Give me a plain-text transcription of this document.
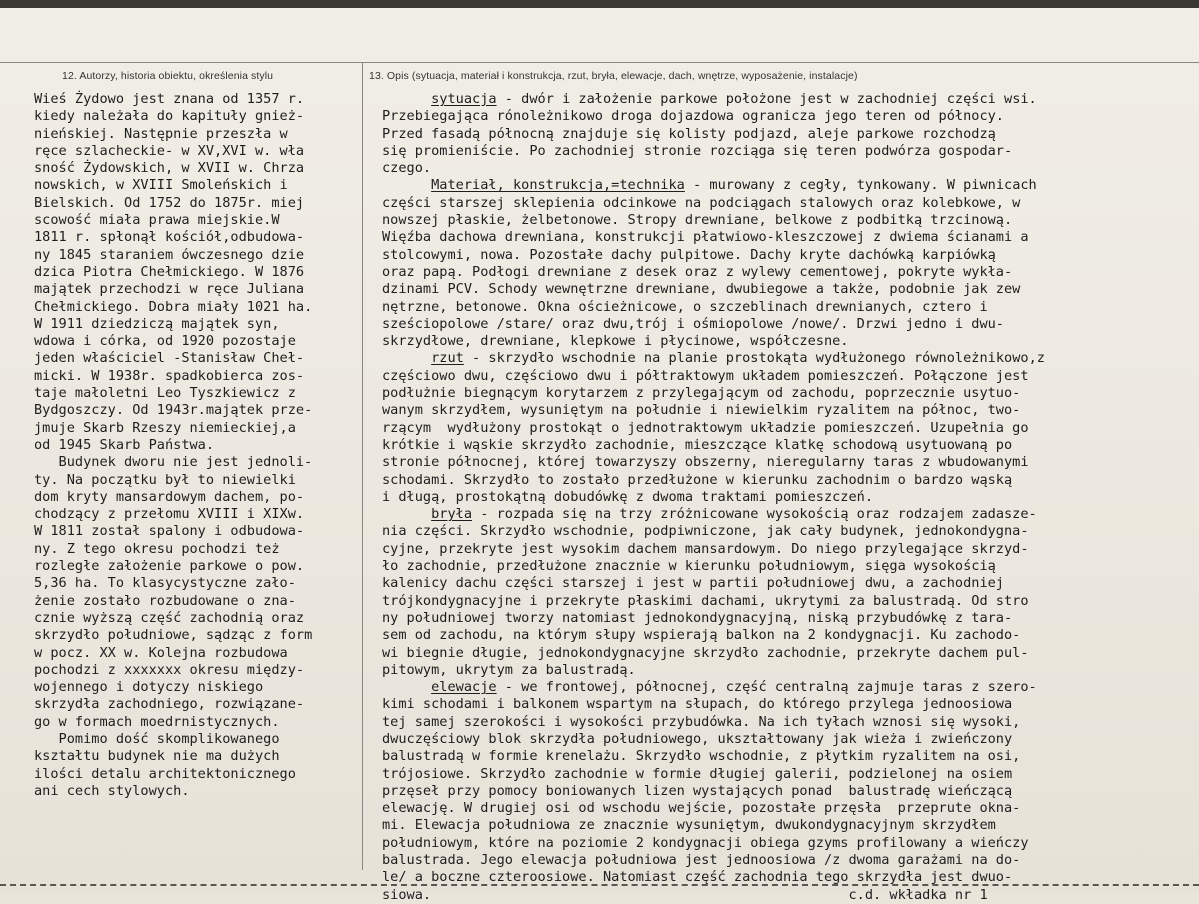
12. Autorzy, historia obiektu, określenia stylu	13. Opis (sytuacja, materiał i konstrukcja, rzut, bryła, elewacje, dach, wnętrze, wyposażenie, instalacje)
Wieś Żydowo jest znana od 1357 r.
kiedy należała do kapituły gnież-
nieńskiej. Następnie przeszła w
ręce szlacheckie- w XV,XVI w. wła
sność Żydowskich, w XVII w. Chrza
nowskich, w XVIII Smoleńskich i
Bielskich. Od 1752 do 1875r. miej
scowość miała prawa miejskie.W
1811 r. spłonął kościół,odbudowa-
ny 1845 staraniem ówczesnego dzie
dzica Piotra Chełmickiego. W 1876
majątek przechodzi w ręce Juliana
Chełmickiego. Dobra miały 1021 ha.
W 1911 dziedziczą majątek syn,
wdowa i córka, od 1920 pozostaje
jeden właściciel -Stanisław Cheł-
micki. W 1938r. spadkobierca zos-
taje małoletni Leo Tyszkiewicz z
Bydgoszczy. Od 1943r.majątek prze-
jmuje Skarb Rzeszy niemieckiej,a
od 1945 Skarb Państwa.
Budynek dworu nie jest jednoli-
ty. Na początku był to niewielki
dom kryty mansardowym dachem, po-
chodzący z przełomu XVIII i XIXw.
W 1811 został spalony i odbudowa-
ny. Z tego okresu pochodzi też
rozległe założenie parkowe o pow.
5,36 ha. To klasycystyczne zało-
żenie zostało rozbudowane o zna-
cznie wyższą część zachodnią oraz
skrzydło południowe, sądząc z form
w pocz. XX w. Kolejna rozbudowa
pochodzi z xxxxxxx okresu między-
wojennego i dotyczy niskiego
skrzydła zachodniego, rozwiązane-
go w formach moedrnistycznych.
Pomimo dość skomplikowanego
kształtu budynek nie ma dużych
ilości detalu architektonicznego
ani cech stylowych.
sytuacja - dwór i założenie parkowe położone jest w zachodniej części wsi.
Przebiegająca rónoleżnikowo droga dojazdowa ogranicza jego teren od północy.
Przed fasadą północną znajduje się kolisty podjazd, aleje parkowe rozchodzą
się promieniście. Po zachodniej stronie rozciąga się teren podwórza gospodar-
czego.
Materiał, konstrukcja,=technika - murowany z cegły, tynkowany. W piwnicach
części starszej sklepienia odcinkowe na podciągach stalowych oraz kolebkowe, w
nowszej płaskie, żelbetonowe. Stropy drewniane, belkowe z podbitką trzcinową.
Więźba dachowa drewniana, konstrukcji płatwiowo-kleszczowej z dwiema ścianami a
stolcowymi, nowa. Pozostałe dachy pulpitowe. Dachy kryte dachówką karpiówką
oraz papą. Podłogi drewniane z desek oraz z wylewy cementowej, pokryte wykła-
dzinami PCV. Schody wewnętrzne drewniane, dwubiegowe a także, podobnie jak zew
nętrzne, betonowe. Okna ościeżnicowe, o szczeblinach drewnianych, cztero i
sześciopolowe /stare/ oraz dwu,trój i ośmiopolowe /nowe/. Drzwi jedno i dwu-
skrzydłowe, drewniane, klepkowe i płycinowe, współczesne.
rzut - skrzydło wschodnie na planie prostokąta wydłużonego równoleżnikowo,z
częściowo dwu, częściowo dwu i półtraktowym układem pomieszczeń. Połączone jest
podłużnie biegnącym korytarzem z przylegającym od zachodu, poprzecznie usytuo-
wanym skrzydłem, wysuniętym na południe i niewielkim ryzalitem na północ, two-
rzącym  wydłużony prostokąt o jednotraktowym układzie pomieszczeń. Uzupełnia go
krótkie i wąskie skrzydło zachodnie, mieszczące klatkę schodową usytuowaną po
stronie północnej, której towarzyszy obszerny, nieregularny taras z wbudowanymi
schodami. Skrzydło to zostało przedłużone w kierunku zachodnim o bardzo wąską
i długą, prostokątną dobudówkę z dwoma traktami pomieszczeń.
bryła - rozpada się na trzy zróżnicowane wysokością oraz rodzajem zadasze-
nia części. Skrzydło wschodnie, podpiwniczone, jak cały budynek, jednokondygna-
cyjne, przekryte jest wysokim dachem mansardowym. Do niego przylegające skrzyd-
ło zachodnie, przedłużone znacznie w kierunku południowym, sięga wysokością
kalenicy dachu części starszej i jest w partii południowej dwu, a zachodniej
trójkondygnacyjne i przekryte płaskimi dachami, ukrytymi za balustradą. Od stro
ny południowej tworzy natomiast jednokondygnacyjną, niską przybudówkę z tara-
sem od zachodu, na którym słupy wspierają balkon na 2 kondygnacji. Ku zachodo-
wi biegnie długie, jednokondygnacyjne skrzydło zachodnie, przekryte dachem pul-
pitowym, ukrytym za balustradą.
elewacje - we frontowej, północnej, część centralną zajmuje taras z szero-
kimi schodami i balkonem wspartym na słupach, do którego przylega jednoosiowa
tej samej szerokości i wysokości przybudówka. Na ich tyłach wznosi się wysoki,
dwuczęściowy blok skrzydła południowego, ukształtowany jak wieża i zwieńczony
balustradą w formie krenelażu. Skrzydło wschodnie, z płytkim ryzalitem na osi,
trójosiowe. Skrzydło zachodnie w formie długiej galerii, podzielonej na osiem
przęseł przy pomocy boniowanych lizen wystających ponad  balustradę wieńczącą
elewację. W drugiej osi od wschodu wejście, pozostałe przęsła  przeprute okna-
mi. Elewacja południowa ze znacznie wysuniętym, dwukondygnacyjnym skrzydłem
południowym, które na poziomie 2 kondygnacji obiega gzyms profilowany a wieńczy
balustrada. Jego elewacja południowa jest jednoosiowa /z dwoma garażami na do-
le/ a boczne czteroosiowe. Natomiast część zachodnia tego skrzydła jest dwuo-
siowa.                                                   c.d. wkładka nr 1
